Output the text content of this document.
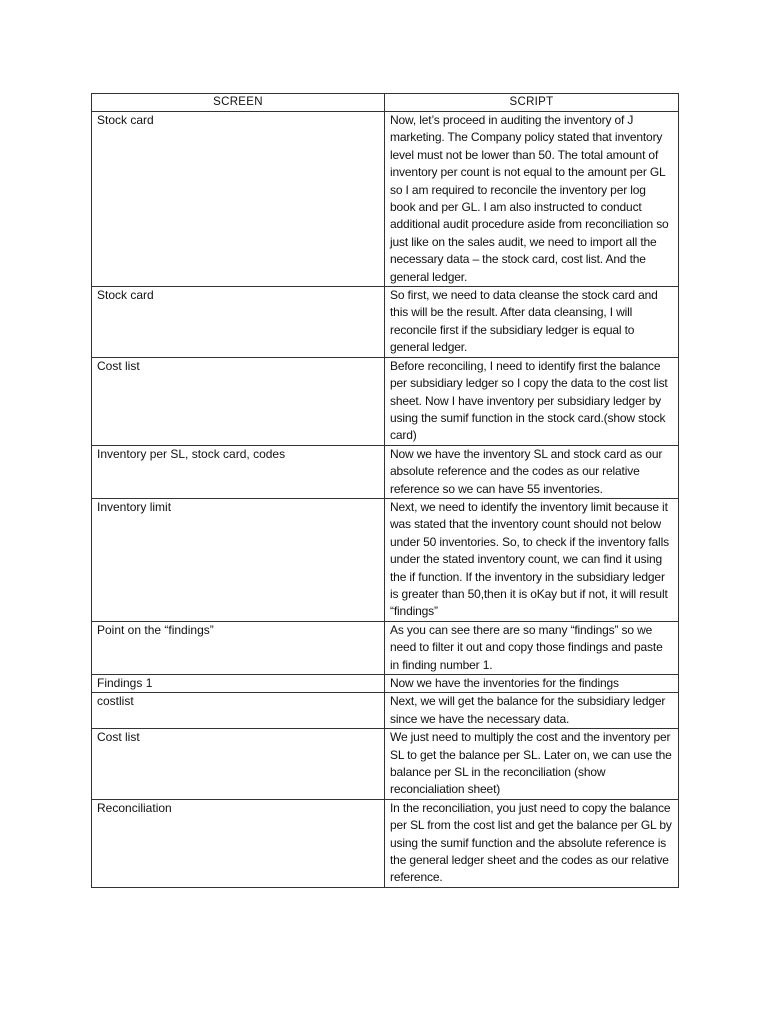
SCREEN	SCRIPT
Stock card	Now, let’s proceed in auditing the inventory of J marketing. The Company policy stated that inventory level must not be lower than 50. The total amount of inventory per count is not equal to the amount per GL so I am required to reconcile the inventory per log book and per GL. I am also instructed to conduct additional audit procedure aside from reconciliation so just like on the sales audit, we need to import all the necessary data – the stock card, cost list. And the general ledger.
Stock card	So first, we need to data cleanse the stock card and this will be the result. After data cleansing, I will reconcile first if the subsidiary ledger is equal to general ledger.
Cost list	Before reconciling, I need to identify first the balance per subsidiary ledger so I copy the data to the cost list sheet. Now I have inventory per subsidiary ledger by using the sumif function in the stock card.(show stock card)
Inventory per SL, stock card, codes	Now we have the inventory SL and stock card as our absolute reference and the codes as our relative reference so we can have 55 inventories.
Inventory limit	Next, we need to identify the inventory limit because it was stated that the inventory count should not below under 50 inventories. So, to check if the inventory falls under the stated inventory count, we can find it using the if function. If the inventory in the subsidiary ledger is greater than 50,then it is oKay but if not, it will result “findings”
Point on the “findings”	As you can see there are so many “findings” so we need to filter it out and copy those findings and paste in finding number 1.
Findings 1	Now we have the inventories for the findings
costlist	Next, we will get the balance for the subsidiary ledger since we have the necessary data.
Cost list	We just need to multiply the cost and the inventory per SL to get the balance per SL. Later on, we can use the balance per SL in the reconciliation (show reconcialiation sheet)
Reconciliation	In the reconciliation, you just need to copy the balance per SL from the cost list and get the balance per GL by using the sumif function and the absolute reference is the general ledger sheet and the codes as our relative reference.
